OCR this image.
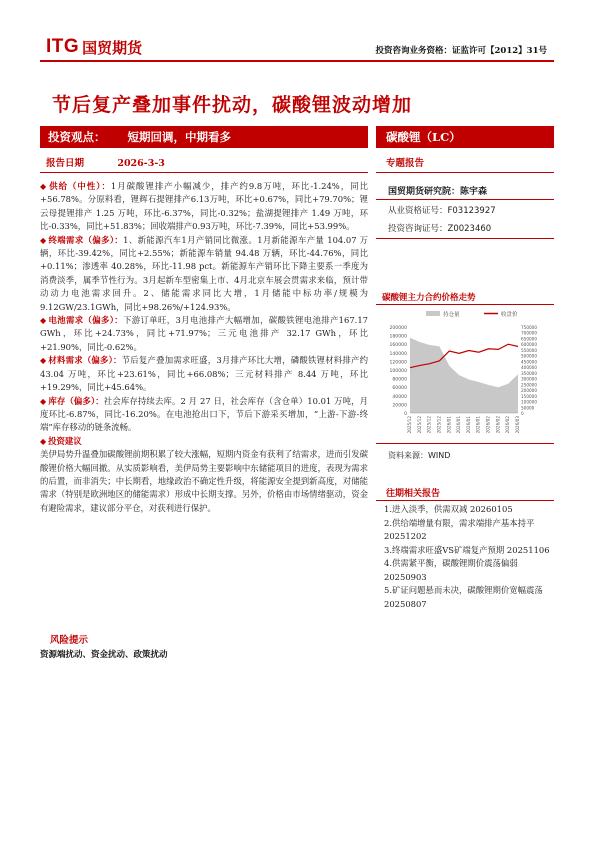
ITG 国贸期货	投资咨询业务资格：证监许可【2012】31号
节后复产叠加事件扰动，碳酸锂波动增加
投资观点： 短期回调，中期看多	碳酸锂（LC）
报告日期	2026-3-3	专题报告
◆ 供给（中性）：1月碳酸锂排产小幅减少，排产约9.8万吨，环比-1.24%，同比+56.78%。分原料看，锂辉石提锂排产6.13万吨，环比+0.67%，同比+79.70%；锂云母提锂排产 1.25 万吨，环比-6.37%，同比-0.32%；盐湖提锂排产 1.49 万吨，环比-0.33%，同比+51.83%；回收端排产0.93万吨，环比-7.39%，同比+53.99%。
◆ 终端需求（偏多）：1、新能源汽车1月产销同比微涨。1月新能源车产量 104.07 万辆，环比-39.42%，同比+2.55%；新能源车销量 94.48 万辆，环比-44.76%，同比+0.11%；渗透率 40.28%，环比-11.98 pct。新能源车产销环比下降主要系一季度为消费淡季，属季节性行为。3月起新车型密集上市、4月北京车展会贯需求来临，预计带动动力电池需求回升。2、储能需求同比大增，1月储能中标功率/规模为9.12GW/23.1GWh，同比+98.26%/+124.93%。
◆ 电池需求（偏多）：下游订单旺，3月电池排产大幅增加，碳酸铁锂电池排产167.17 GWh，环比+24.73%，同比+71.97%；三元电池排产 32.17 GWh，环比+21.90%，同比-0.62%。
◆ 材料需求（偏多）：节后复产叠加需求旺盛，3月排产环比大增，磷酸铁锂材料排产约 43.04 万吨，环比+23.61%，同比+66.08%；三元材料排产 8.44 万吨，环比+19.29%，同比+45.64%。
◆ 库存（偏多）：社会库存持续去库。2 月 27 日，社会库存（含仓单）10.01 万吨，月度环比-6.87%，同比-16.20%。在电池抢出口下，节后下游采买增加，“上游-下游-终端”库存移动的链条流畅。
◆ 投资建议
美伊局势升温叠加碳酸锂前期积累了较大涨幅，短期内资金有获利了结需求，进而引发碳酸锂价格大幅回撤。从实质影响看，美伊局势主要影响中东储能项目的进度，表现为需求的后置，而非消失；中长期看，地缘政治不确定性升级，将能源安全提到新高度，对储能需求（特别是欧洲地区的储能需求）形成中长期支撑。另外，价格由市场情绪驱动，资金有避险需求，建议部分平仓，对获利进行保护。
风险提示
资源端扰动、资金扰动、政策扰动
国贸期货研究院：陈宇森
从业资格证号：F03123927
投资咨询证号：Z0023460
碳酸锂主力合约价格走势
持仓量	收盘价
0
20000
40000
60000
80000
100000
120000
140000
160000
180000
200000
0
50000
100000
150000
200000
250000
300000
350000
400000
450000
500000
550000
600000
650000
700000
750000
2025/12 2025/12 2025/12 2025/12 2026/01 2026/01 2026/01 2026/01 2026/02 2026/02 2026/02 2026/03
资料来源：WIND
往期相关报告
1.进入淡季，供需双减 20260105
2.供给端增量有限，需求端排产基本持平 20251202
3.终端需求旺盛VS矿端复产预期 20251106
4.供需紧平衡，碳酸锂期价震荡偏弱 20250903
5.矿证问题悬而未决，碳酸锂期价宽幅震荡 20250807
